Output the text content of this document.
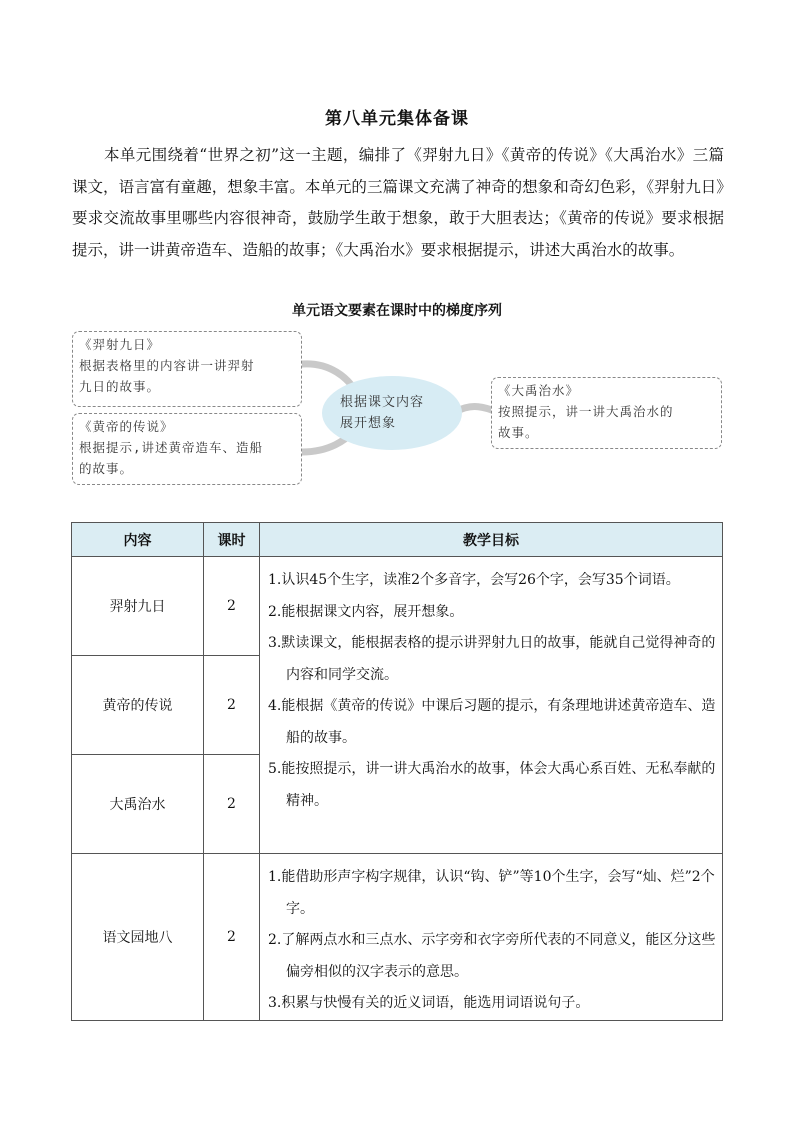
第八单元集体备课

本单元围绕着“世界之初”这一主题，编排了《羿射九日》《黄帝的传说》《大禹治水》三篇课文，语言富有童趣，想象丰富。本单元的三篇课文充满了神奇的想象和奇幻色彩，《羿射九日》要求交流故事里哪些内容很神奇，鼓励学生敢于想象，敢于大胆表达；《黄帝的传说》要求根据提示，讲一讲黄帝造车、造船的故事；《大禹治水》要求根据提示，讲述大禹治水的故事。

单元语文要素在课时中的梯度序列
《羿射九日》
根据表格里的内容讲一讲羿射
九日的故事。
《黄帝的传说》
根据提示,讲述黄帝造车、造船
的故事。
根据课文内容
展开想象
《大禹治水》
按照提示，讲一讲大禹治水的
故事。
内容	课时	教学目标
羿射九日	2	1.认识45个生字，读准2个多音字，会写26个字，会写35个词语。

2.能根据课文内容，展开想象。

3.默读课文，能根据表格的提示讲羿射九日的故事，能就自己觉得神奇的内容和同学交流。

4.能根据《黄帝的传说》中课后习题的提示，有条理地讲述黄帝造车、造船的故事。

5.能按照提示，讲一讲大禹治水的故事，体会大禹心系百姓、无私奉献的精神。

黄帝的传说	2	
大禹治水	2	
语文园地八	2	1.能借助形声字构字规律，认识“钩、铲”等10个生字，会写“灿、烂”2个字。

2.了解两点水和三点水、示字旁和衣字旁所代表的不同意义，能区分这些偏旁相似的汉字表示的意思。

3.积累与快慢有关的近义词语，能选用词语说句子。
